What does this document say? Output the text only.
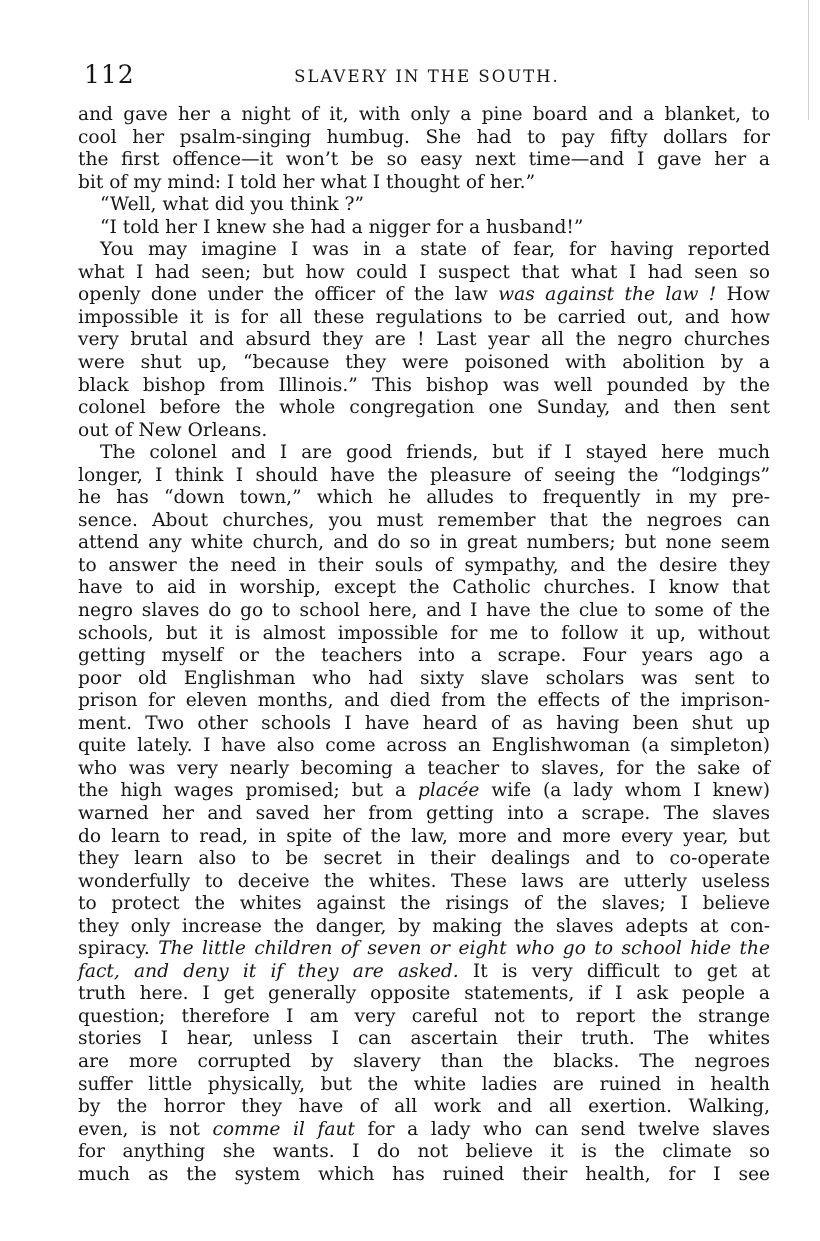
112	SLAVERY IN THE SOUTH.
and gave her a night of it, with only a pine board and a blanket, to
cool her psalm-singing humbug. She had to pay fifty dollars for
the first offence—it won’t be so easy next time—and I gave her a
bit of my mind: I told her what I thought of her.”
“Well, what did you think ?”
“I told her I knew she had a nigger for a husband!”
You may imagine I was in a state of fear, for having reported
what I had seen; but how could I suspect that what I had seen so
openly done under the officer of the law was against the law ! How
impossible it is for all these regulations to be carried out, and how
very brutal and absurd they are ! Last year all the negro churches
were shut up, “because they were poisoned with abolition by a
black bishop from Illinois.” This bishop was well pounded by the
colonel before the whole congregation one Sunday, and then sent
out of New Orleans.
The colonel and I are good friends, but if I stayed here much
longer, I think I should have the pleasure of seeing the “lodgings”
he has “down town,” which he alludes to frequently in my pre-
sence. About churches, you must remember that the negroes can
attend any white church, and do so in great numbers; but none seem
to answer the need in their souls of sympathy, and the desire they
have to aid in worship, except the Catholic churches. I know that
negro slaves do go to school here, and I have the clue to some of the
schools, but it is almost impossible for me to follow it up, without
getting myself or the teachers into a scrape. Four years ago a
poor old Englishman who had sixty slave scholars was sent to
prison for eleven months, and died from the effects of the imprison-
ment. Two other schools I have heard of as having been shut up
quite lately. I have also come across an Englishwoman (a simpleton)
who was very nearly becoming a teacher to slaves, for the sake of
the high wages promised; but a placée wife (a lady whom I knew)
warned her and saved her from getting into a scrape. The slaves
do learn to read, in spite of the law, more and more every year, but
they learn also to be secret in their dealings and to co-operate
wonderfully to deceive the whites. These laws are utterly useless
to protect the whites against the risings of the slaves; I believe
they only increase the danger, by making the slaves adepts at con-
spiracy. The little children of seven or eight who go to school hide the
fact, and deny it if they are asked. It is very difficult to get at
truth here. I get generally opposite statements, if I ask people a
question; therefore I am very careful not to report the strange
stories I hear, unless I can ascertain their truth. The whites
are more corrupted by slavery than the blacks. The negroes
suffer little physically, but the white ladies are ruined in health
by the horror they have of all work and all exertion. Walking,
even, is not comme il faut for a lady who can send twelve slaves
for anything she wants. I do not believe it is the climate so
much as the system which has ruined their health, for I see
